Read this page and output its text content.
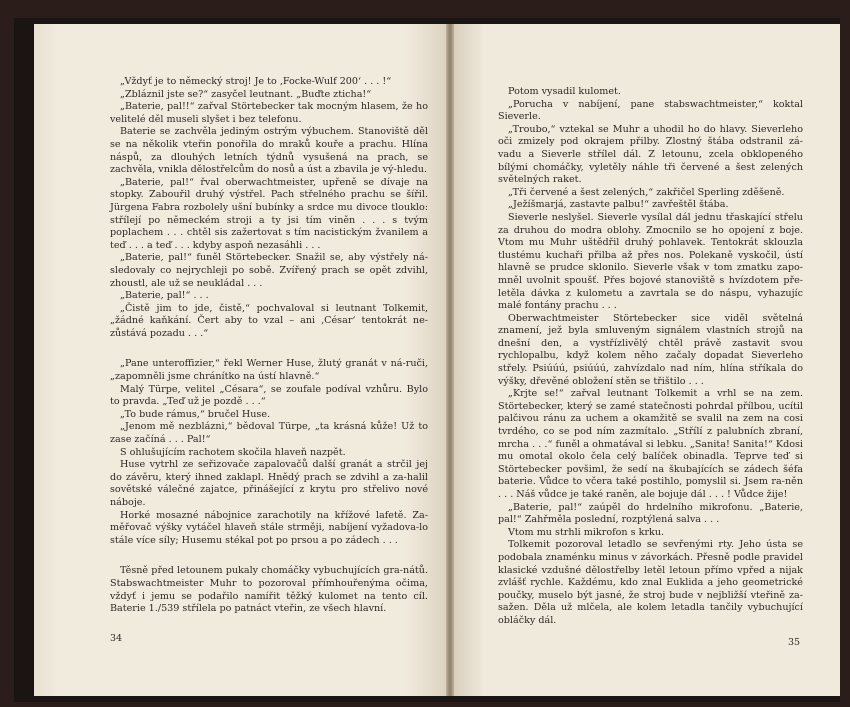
„Vždyť je to německý stroj! Je to ‚Focke-Wulf 200‘ . . . !“

„Zbláznil jste se?“ zasyčel leutnant. „Buďte zticha!“

„Baterie, pal!!“ zařval Störtebecker tak mocným hlasem, že ho velitelé děl museli slyšet i bez telefonu.

Baterie se zachvěla jediným ostrým výbuchem. Stanoviště děl se na několik vteřin ponořila do mraků kouře a prachu. Hlína náspů, za dlouhých letních týdnů vysušená na prach, se zachvěla, vnikla dělostřelcům do nosů a úst a zbavila je vý-hledu.

„Baterie, pal!“ řval oberwachtmeister, upřeně se dívaje na stopky. Zabouřil druhý výstřel. Pach střelného prachu se šířil. Jürgena Fabra rozbolely ušní bubínky a srdce mu divoce tlouklo: střílejí po německém stroji a ty jsi tím viněn . . . s tvým poplachem . . . chtěl sis zažertovat s tím nacistickým žvanilem a teď . . . a teď . . . kdyby aspoň nezasáhli . . .

„Baterie, pal!“ funěl Störtebecker. Snažil se, aby výstřely ná-sledovaly co nejrychleji po sobě. Zvířený prach se opět zdvihl, zhoustl, ale už se neukládal . . .

„Baterie, pal!“ . . .

„Čistě jim to jde, čistě,“ pochvaloval si leutnant Tolkemit, „žádné kaňkání. Čert aby to vzal – ani ‚César‘ tentokrát ne-zůstává pozadu . . .“

„Pane unteroffizier,“ řekl Werner Huse, žlutý granát v ná-ruči, „zapomněli jsme chránítko na ústí hlavně.“

Malý Türpe, velitel „Césara“, se zoufale podíval vzhůru. Bylo to pravda. „Teď už je pozdě . . .“

„To bude rámus,“ bručel Huse.

„Jenom mě nezblázni,“ bědoval Türpe, „ta krásná kůže! Už to zase začíná . . . Pal!“

S ohlušujícím rachotem skočila hlaveň nazpět.

Huse vytrhl ze seřizovače zapalovačů další granát a strčil jej do závěru, který ihned zaklapl. Hnědý prach se zdvihl a za-halil sovětské válečné zajatce, přinášející z krytu pro střelivo nové náboje.

Horké mosazné nábojnice zarachotily na křížové lafetě. Za-měřovač výšky vytáčel hlaveň stále strměji, nabíjení vyžadova-lo stále více síly; Husemu stékal pot po prsou a po zádech . . .

Těsně před letounem pukaly chomáčky vybuchujících gra-nátů. Stabswachtmeister Muhr to pozoroval přímhouřenýma očima, vždyť i jemu se podařilo namířit těžký kulomet na tento cíl. Baterie 1./539 střílela po patnáct vteřin, ze všech hlavní.

34

Potom vysadil kulomet.

„Porucha v nabíjení, pane stabswachtmeister,“ koktal Sieverle.

„Troubo,“ vztekal se Muhr a uhodil ho do hlavy. Sieverleho oči zmizely pod okrajem přilby. Zlostný štába odstranil zá-vadu a Sieverle střílel dál. Z letounu, zcela obklopeného bílými chomáčky, vyletěly náhle tři červené a šest zelených světelných raket.

„Tři červené a šest zelených,“ zakřičel Sperling zděšeně.

„Ježíšmarjá, zastavte palbu!“ zavřeštěl štába.

Sieverle neslyšel. Sieverle vysílal dál jednu třaskající střelu za druhou do modra oblohy. Zmocnilo se ho opojení z boje. Vtom mu Muhr uštědřil druhý pohlavek. Tentokrát sklouzla tlustému kuchaři přilba až přes nos. Polekaně vyskočil, ústí hlavně se prudce sklonilo. Sieverle však v tom zmatku zapo-mněl uvolnit spoušť. Přes bojové stanoviště s hvízdotem pře-letěla dávka z kulometu a zavrtala se do náspu, vyhazujíc malé fontány prachu . . .

Oberwachtmeister Störtebecker sice viděl světelná znamení, jež byla smluveným signálem vlastních strojů na dnešní den, a vystřízlivělý chtěl právě zastavit svou rychlopalbu, když kolem něho začaly dopadat Sieverleho střely. Psiúúú, psiúúú, zahvízdalo nad ním, hlína stříkala do výšky, dřevěné obložení stěn se třištilo . . .

„Krjte se!“ zařval leutnant Tolkemit a vrhl se na zem. Störtebecker, který se zamé statečnosti pohrdal přílbou, ucítil palčivou ránu za uchem a okamžitě se svalil na zem na cosi tvrdého, co se pod ním zazmítalo. „Střílí z palubních zbraní, mrcha . . .“ funěl a ohmatával si lebku. „Sanita! Sanita!“ Kdosi mu omotal okolo čela celý balíček obinadla. Teprve teď si Störtebecker povšiml, že sedí na škubajících se zádech šéfa baterie. Vůdce to včera také postihlo, pomyslil si. Jsem ra-něn . . . Náš vůdce je také raněn, ale bojuje dál . . . ! Vůdce žije!

„Baterie, pal!“ zaúpěl do hrdelního mikrofonu. „Baterie, pal!“ Zahřměla poslední, rozptýlená salva . . .

Vtom mu strhli mikrofon s krku.

Tolkemit pozoroval letadlo se sevřenými rty. Jeho ústa se podobala znaménku minus v závorkách. Přesně podle pravidel klasické vzdušné dělostřelby letěl letoun přímo vpřed a nijak zvlášť rychle. Každému, kdo znal Euklida a jeho geometrické poučky, muselo být jasné, že stroj bude v nejbližší vteřině za-sažen. Děla už mlčela, ale kolem letadla tančily vybuchující obláčky dál.

35
